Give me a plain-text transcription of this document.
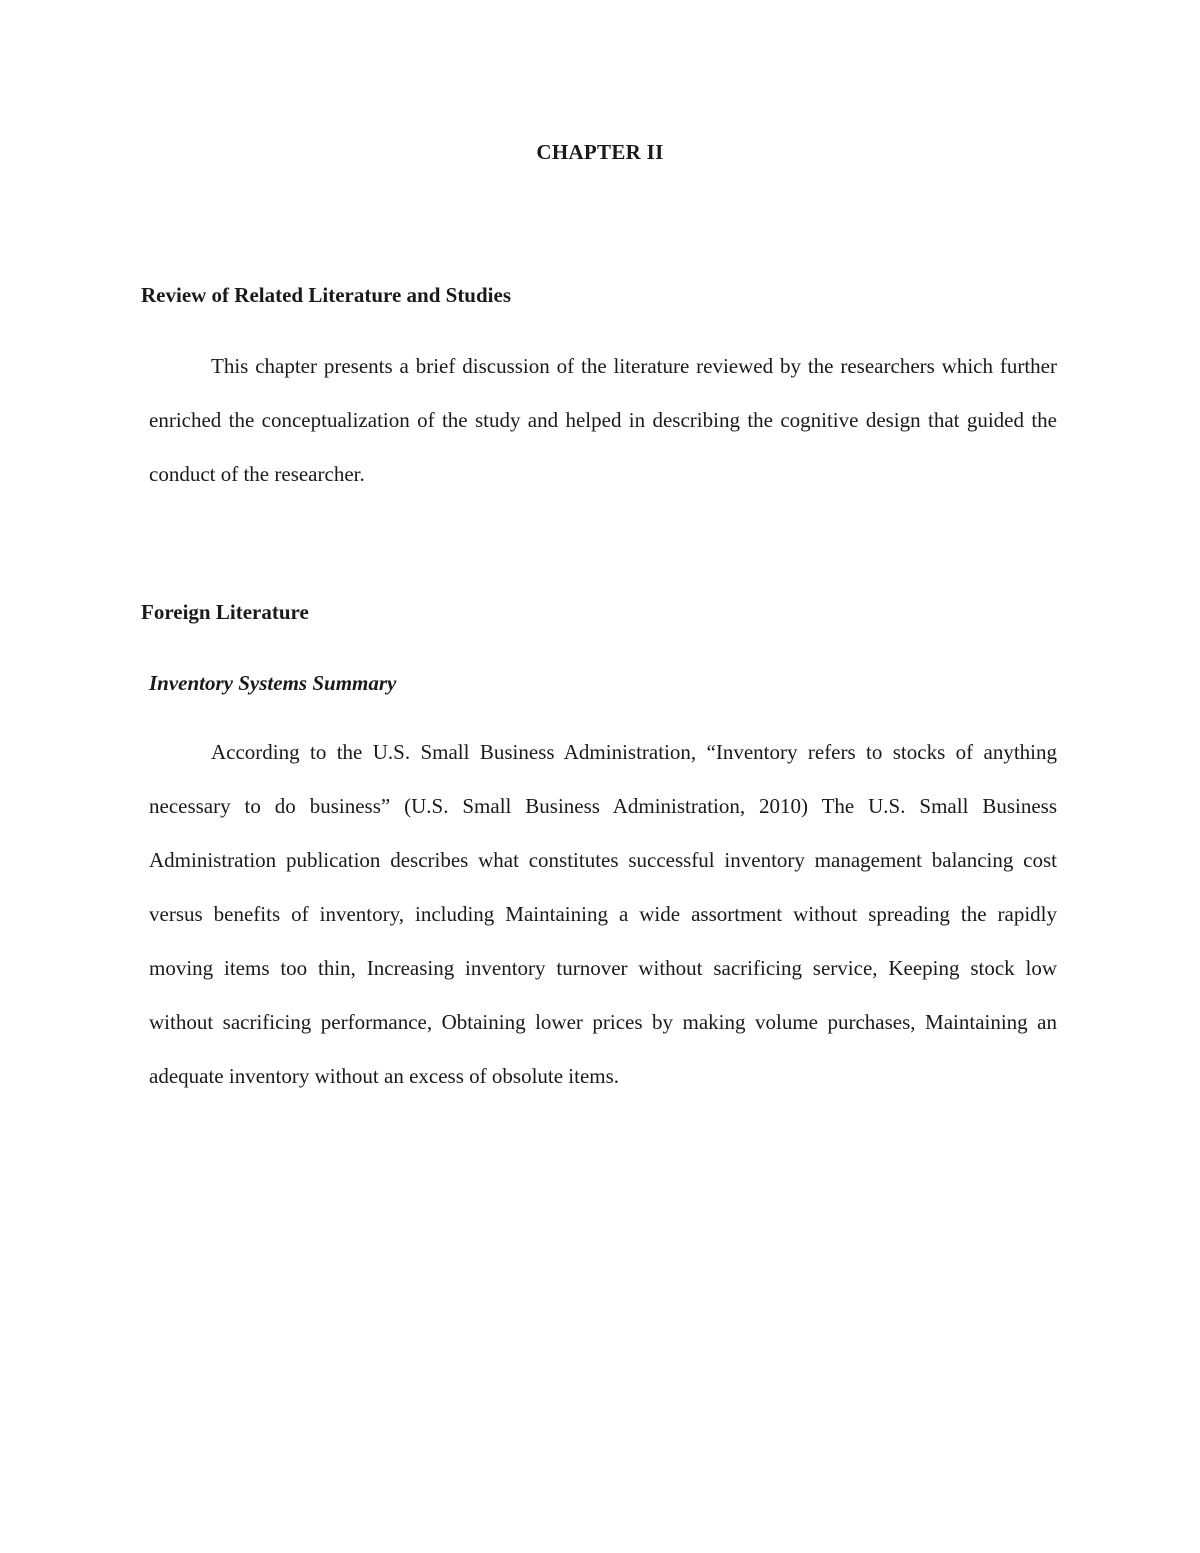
CHAPTER II
Review of Related Literature and Studies

This chapter presents a brief discussion of the literature reviewed by the researchers which further enriched the conceptualization of the study and helped in describing the cognitive design that guided the conduct of the researcher.

Foreign Literature
Inventory Systems Summary

According to the U.S. Small Business Administration, “Inventory refers to stocks of anything necessary to do business” (U.S. Small Business Administration, 2010) The U.S. Small Business Administration publication describes what constitutes successful inventory management balancing cost versus benefits of inventory, including Maintaining a wide assortment without spreading the rapidly moving items too thin, Increasing inventory turnover without sacrificing service, Keeping stock low without sacrificing performance, Obtaining lower prices by making volume purchases, Maintaining an adequate inventory without an excess of obsolute items.
